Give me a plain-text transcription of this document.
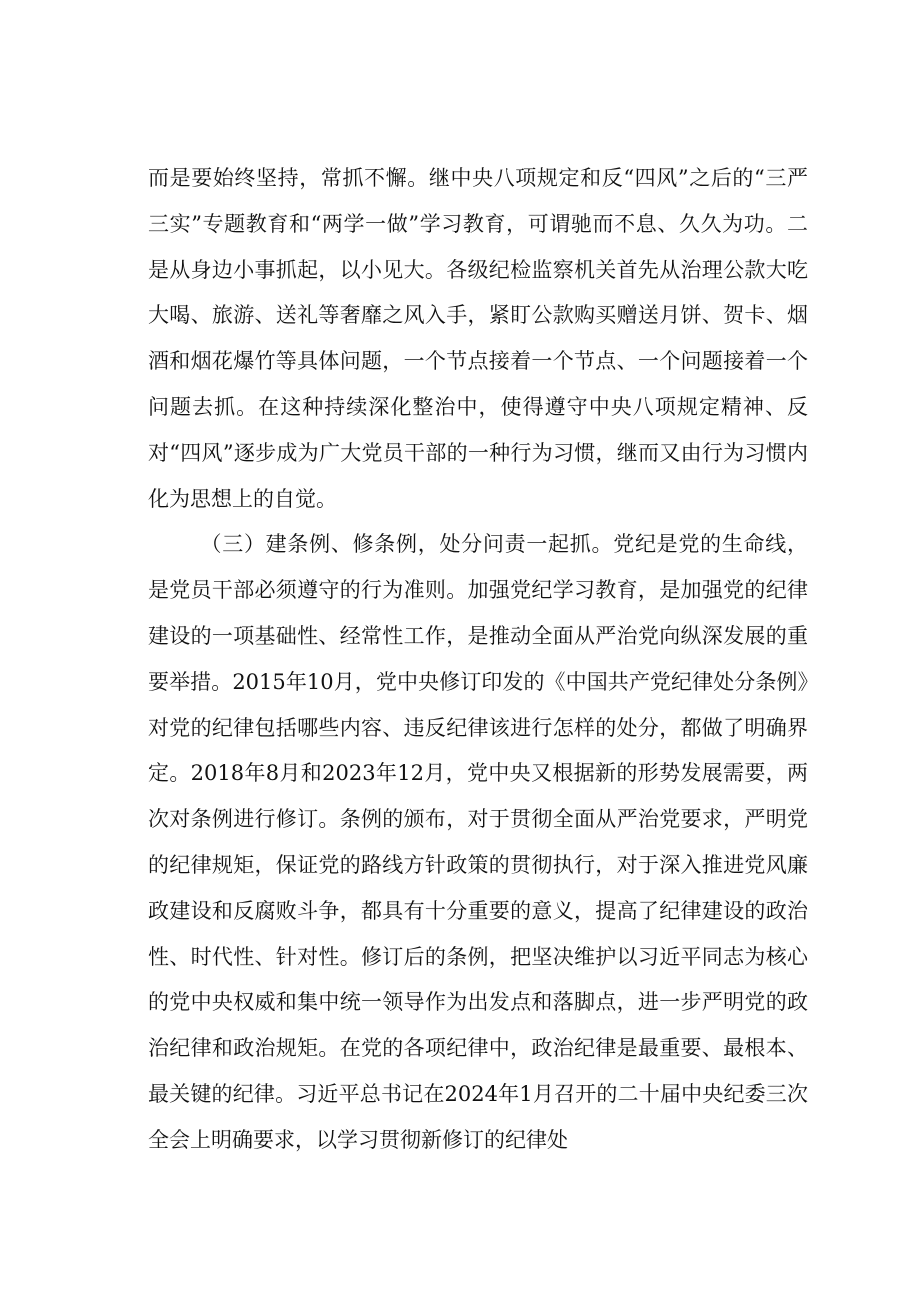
而是要始终坚持，常抓不懈。继中央八项规定和反“四风”之后的“三严三实”专题教育和“两学一做”学习教育，可谓驰而不息、久久为功。二是从身边小事抓起，以小见大。各级纪检监察机关首先从治理公款大吃大喝、旅游、送礼等奢靡之风入手，紧盯公款购买赠送月饼、贺卡、烟酒和烟花爆竹等具体问题，一个节点接着一个节点、一个问题接着一个问题去抓。在这种持续深化整治中，使得遵守中央八项规定精神、反对“四风”逐步成为广大党员干部的一种行为习惯，继而又由行为习惯内化为思想上的自觉。

（三）建条例、修条例，处分问责一起抓。党纪是党的生命线，是党员干部必须遵守的行为准则。加强党纪学习教育，是加强党的纪律建设的一项基础性、经常性工作，是推动全面从严治党向纵深发展的重要举措。2015年10月，党中央修订印发的《中国共产党纪律处分条例》对党的纪律包括哪些内容、违反纪律该进行怎样的处分，都做了明确界定。2018年8月和2023年12月，党中央又根据新的形势发展需要，两次对条例进行修订。条例的颁布，对于贯彻全面从严治党要求，严明党的纪律规矩，保证党的路线方针政策的贯彻执行，对于深入推进党风廉政建设和反腐败斗争，都具有十分重要的意义，提高了纪律建设的政治性、时代性、针对性。修订后的条例，把坚决维护以习近平同志为核心的党中央权威和集中统一领导作为出发点和落脚点，进一步严明党的政治纪律和政治规矩。在党的各项纪律中，政治纪律是最重要、最根本、最关键的纪律。习近平总书记在2024年1月召开的二十届中央纪委三次全会上明确要求，以学习贯彻新修订的纪律处
